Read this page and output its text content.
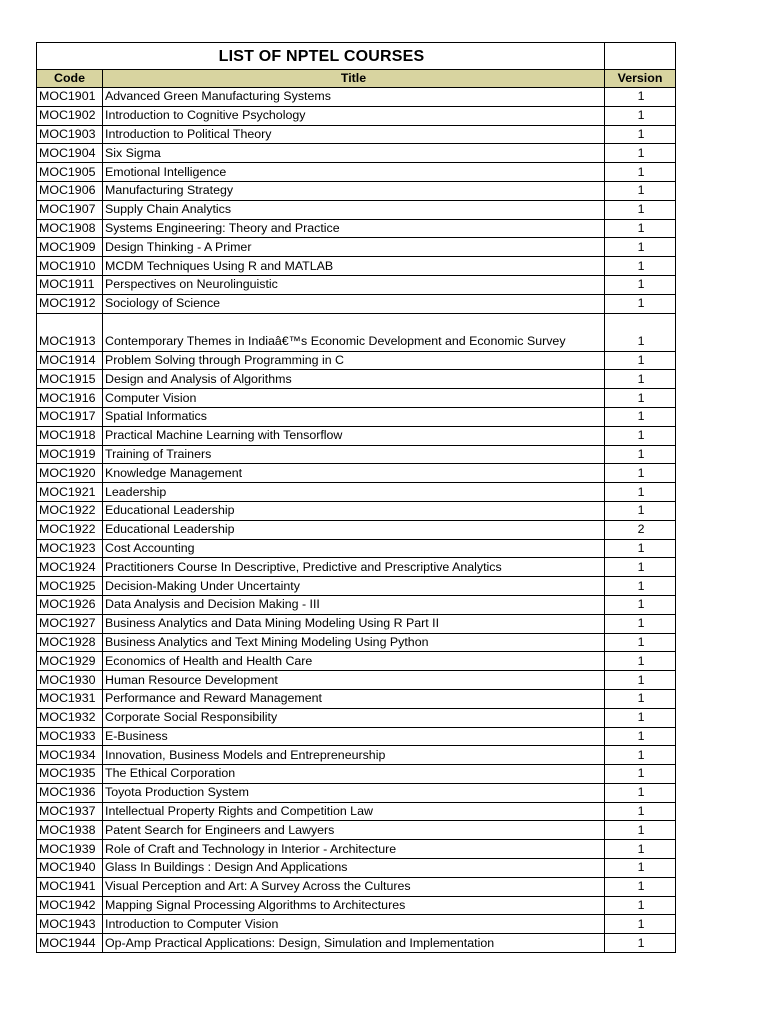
LIST OF NPTEL COURSES		
Code	Title	Version
MOC1901	Advanced Green Manufacturing Systems	1
MOC1902	Introduction to Cognitive Psychology	1
MOC1903	Introduction to Political Theory	1
MOC1904	Six Sigma	1
MOC1905	Emotional Intelligence	1
MOC1906	Manufacturing Strategy	1
MOC1907	Supply Chain Analytics	1
MOC1908	Systems Engineering: Theory and Practice	1
MOC1909	Design Thinking - A Primer	1
MOC1910	MCDM Techniques Using R and MATLAB	1
MOC1911	Perspectives on Neurolinguistic	1
MOC1912	Sociology of Science	1
MOC1913	Contemporary Themes in Indiaâ€™s Economic Development and Economic Survey	1
MOC1914	Problem Solving through Programming in C	1
MOC1915	Design and Analysis of Algorithms	1
MOC1916	Computer Vision	1
MOC1917	Spatial Informatics	1
MOC1918	Practical Machine Learning with Tensorflow	1
MOC1919	Training of Trainers	1
MOC1920	Knowledge Management	1
MOC1921	Leadership	1
MOC1922	Educational Leadership	1
MOC1922	Educational Leadership	2
MOC1923	Cost Accounting	1
MOC1924	Practitioners Course In Descriptive, Predictive and Prescriptive Analytics	1
MOC1925	Decision-Making Under Uncertainty	1
MOC1926	Data Analysis and Decision Making - III	1
MOC1927	Business Analytics and Data Mining Modeling Using R Part II	1
MOC1928	Business Analytics and Text Mining Modeling Using Python	1
MOC1929	Economics of Health and Health Care	1
MOC1930	Human Resource Development	1
MOC1931	Performance and Reward Management	1
MOC1932	Corporate Social Responsibility	1
MOC1933	E-Business	1
MOC1934	Innovation, Business Models and Entrepreneurship	1
MOC1935	The Ethical Corporation	1
MOC1936	Toyota Production System	1
MOC1937	Intellectual Property Rights and Competition Law	1
MOC1938	Patent Search for Engineers and Lawyers	1
MOC1939	Role of Craft and Technology in Interior - Architecture	1
MOC1940	Glass In Buildings : Design And Applications	1
MOC1941	Visual Perception and Art: A Survey Across the Cultures	1
MOC1942	Mapping Signal Processing Algorithms to Architectures	1
MOC1943	Introduction to Computer Vision	1
MOC1944	Op-Amp Practical Applications: Design, Simulation and Implementation	1
